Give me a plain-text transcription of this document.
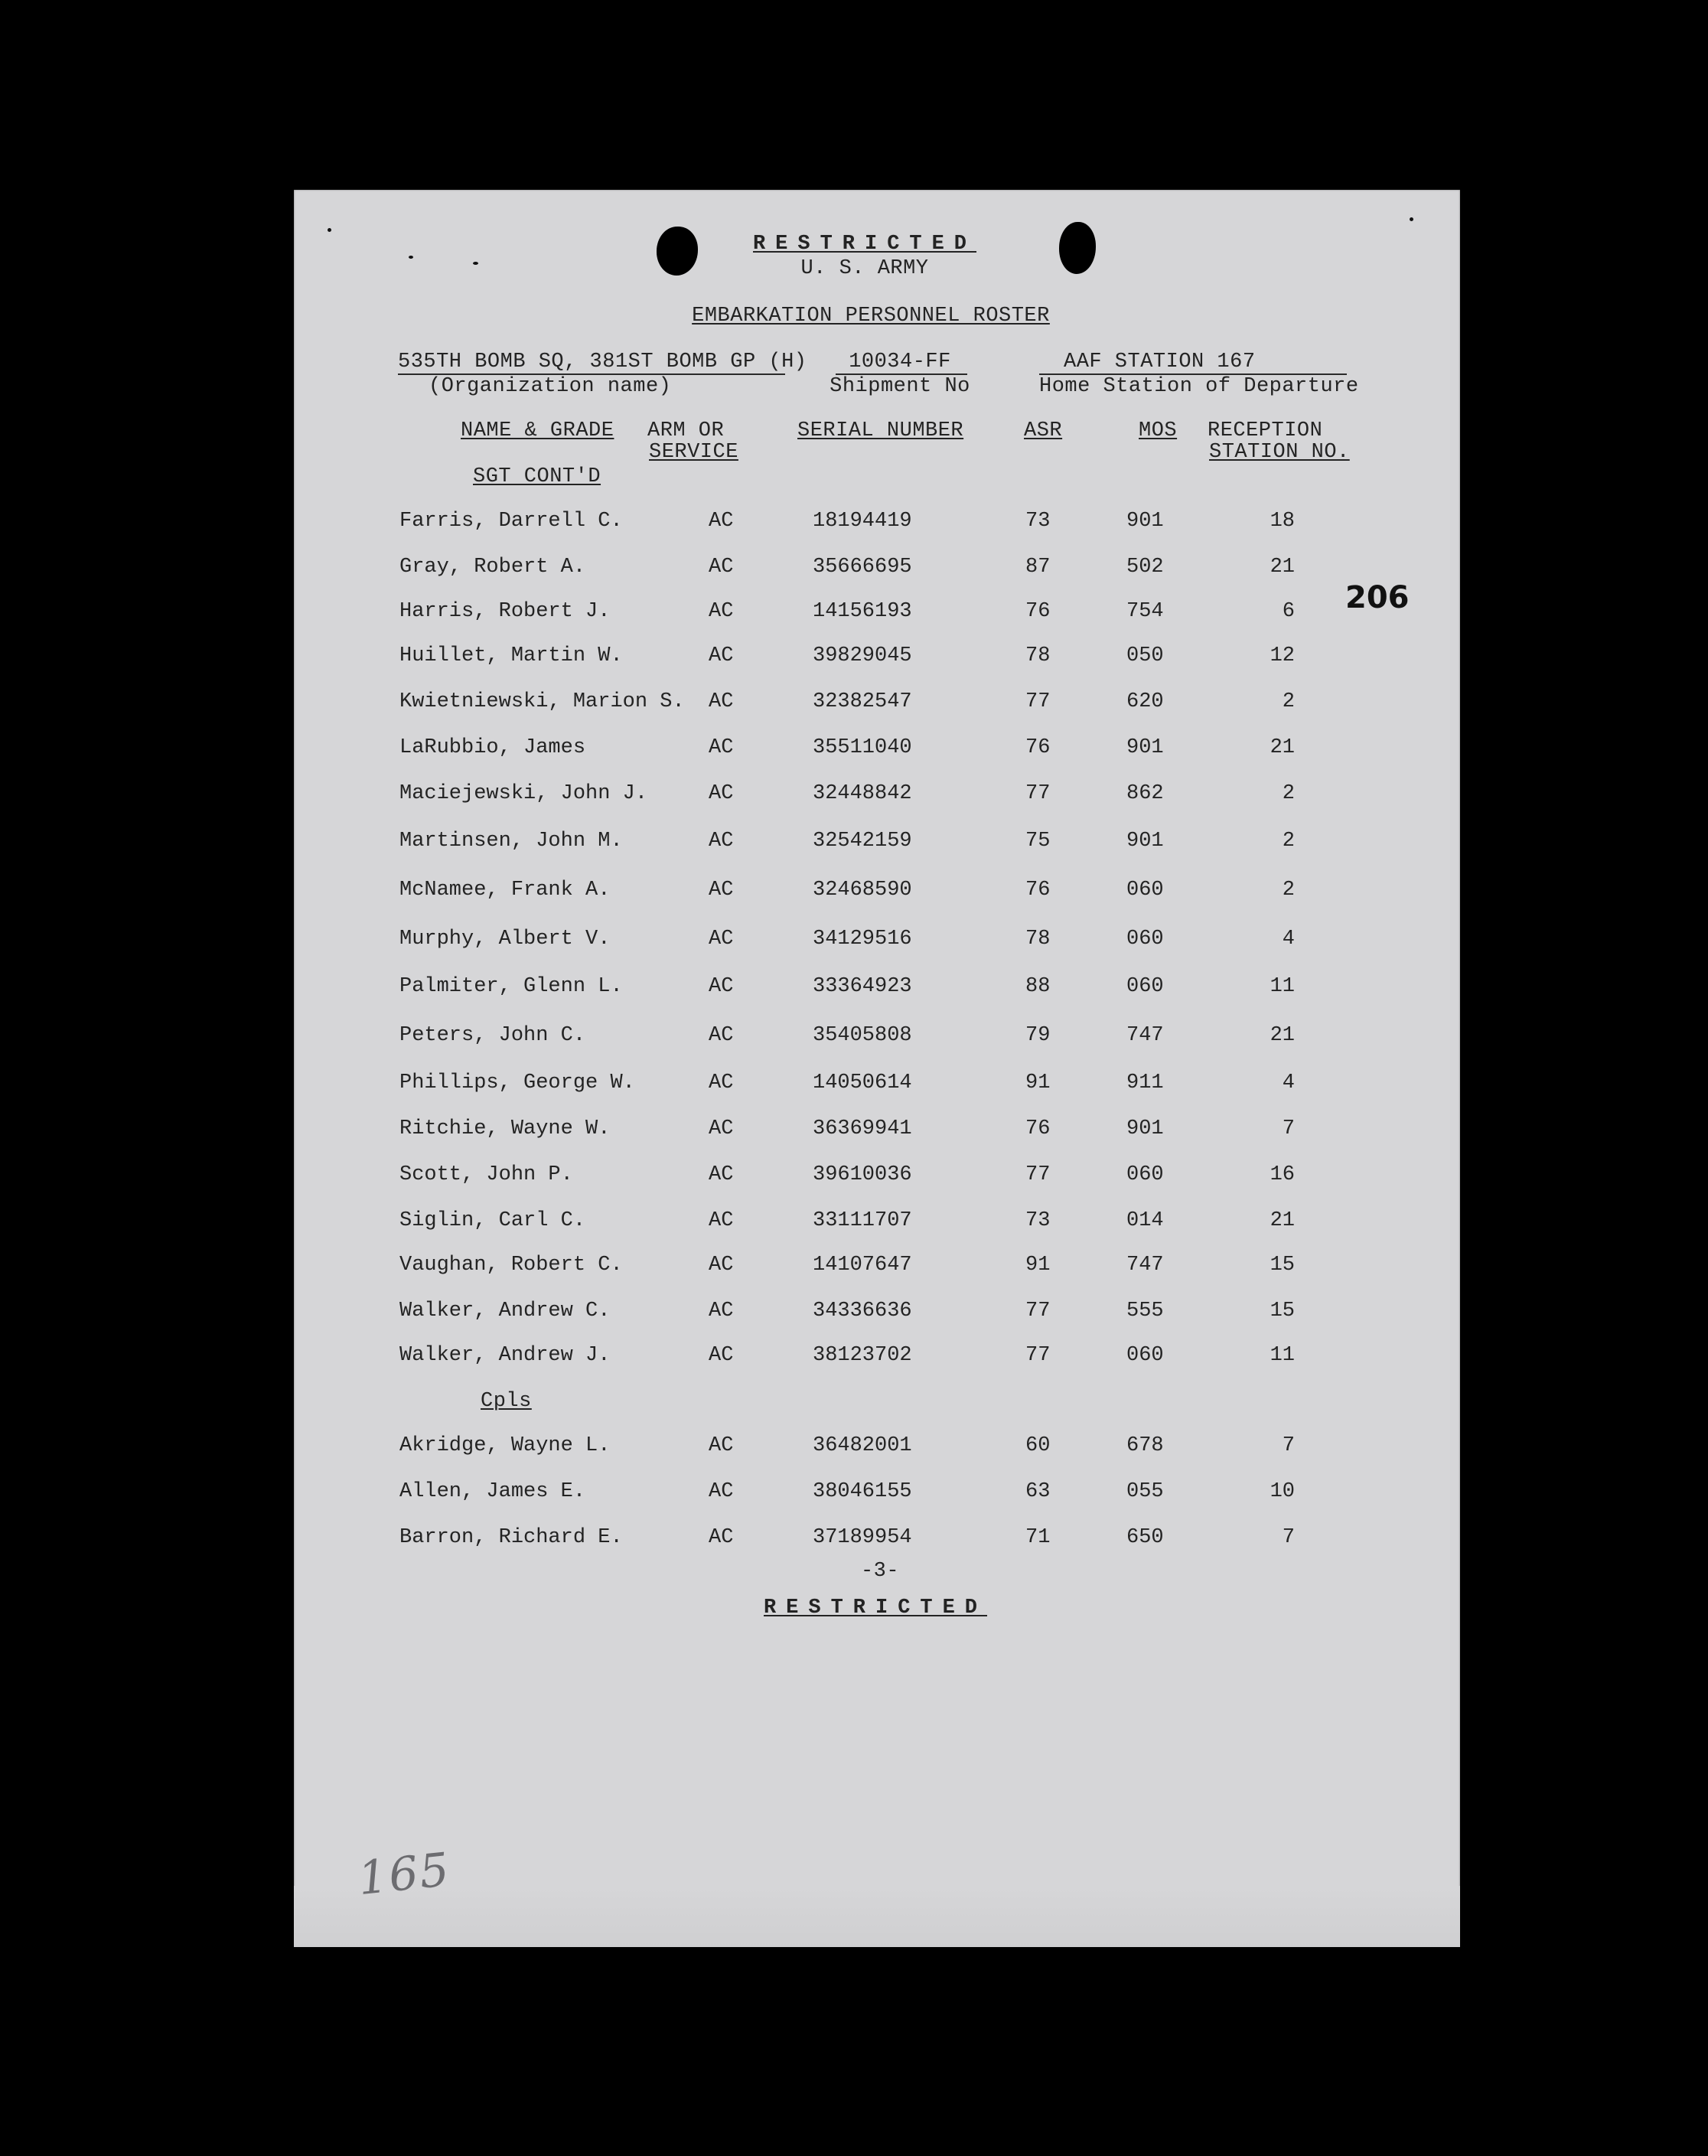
RESTRICTED
U. S. ARMY
EMBARKATION PERSONNEL ROSTER
535TH BOMB SQ, 381ST BOMB GP (H)
(Organization name)
10034-FF
Shipment No
AAF STATION 167
Home Station of Departure
NAME & GRADE ARM OR
SERVICE
SERIAL NUMBER	ASR	MOS RECEPTION
STATION NO.
SGT CONT'D
Farris, Darrell C.	AC	18194419	73	901	18
Gray, Robert A.	AC	35666695	87	502	21
Harris, Robert J.	AC	14156193	76	754	6
Huillet, Martin W.	AC	39829045	78	050	12
Kwietniewski, Marion S. AC	32382547	77	620	2
LaRubbio, James	AC	35511040	76	901	21
Maciejewski, John J.	AC	32448842	77	862	2
Martinsen, John M.	AC	32542159	75	901	2
McNamee, Frank A.	AC	32468590	76	060	2
Murphy, Albert V.	AC	34129516	78	060	4
Palmiter, Glenn L.	AC	33364923	88	060	11
Peters, John C.	AC	35405808	79	747	21
Phillips, George W.	AC	14050614	91	911	4
Ritchie, Wayne W.	AC	36369941	76	901	7
Scott, John P.	AC	39610036	77	060	16
Siglin, Carl C.	AC	33111707	73	014	21
Vaughan, Robert C.	AC	14107647	91	747	15
Walker, Andrew C.	AC	34336636	77	555	15
Walker, Andrew J.	AC	38123702	77	060	11
Cpls
Akridge, Wayne L.	AC	36482001	60	678	7
Allen, James E.	AC	38046155	63	055	10
Barron, Richard E.	AC	37189954	71	650	7
-3-
RESTRICTED
206
165
